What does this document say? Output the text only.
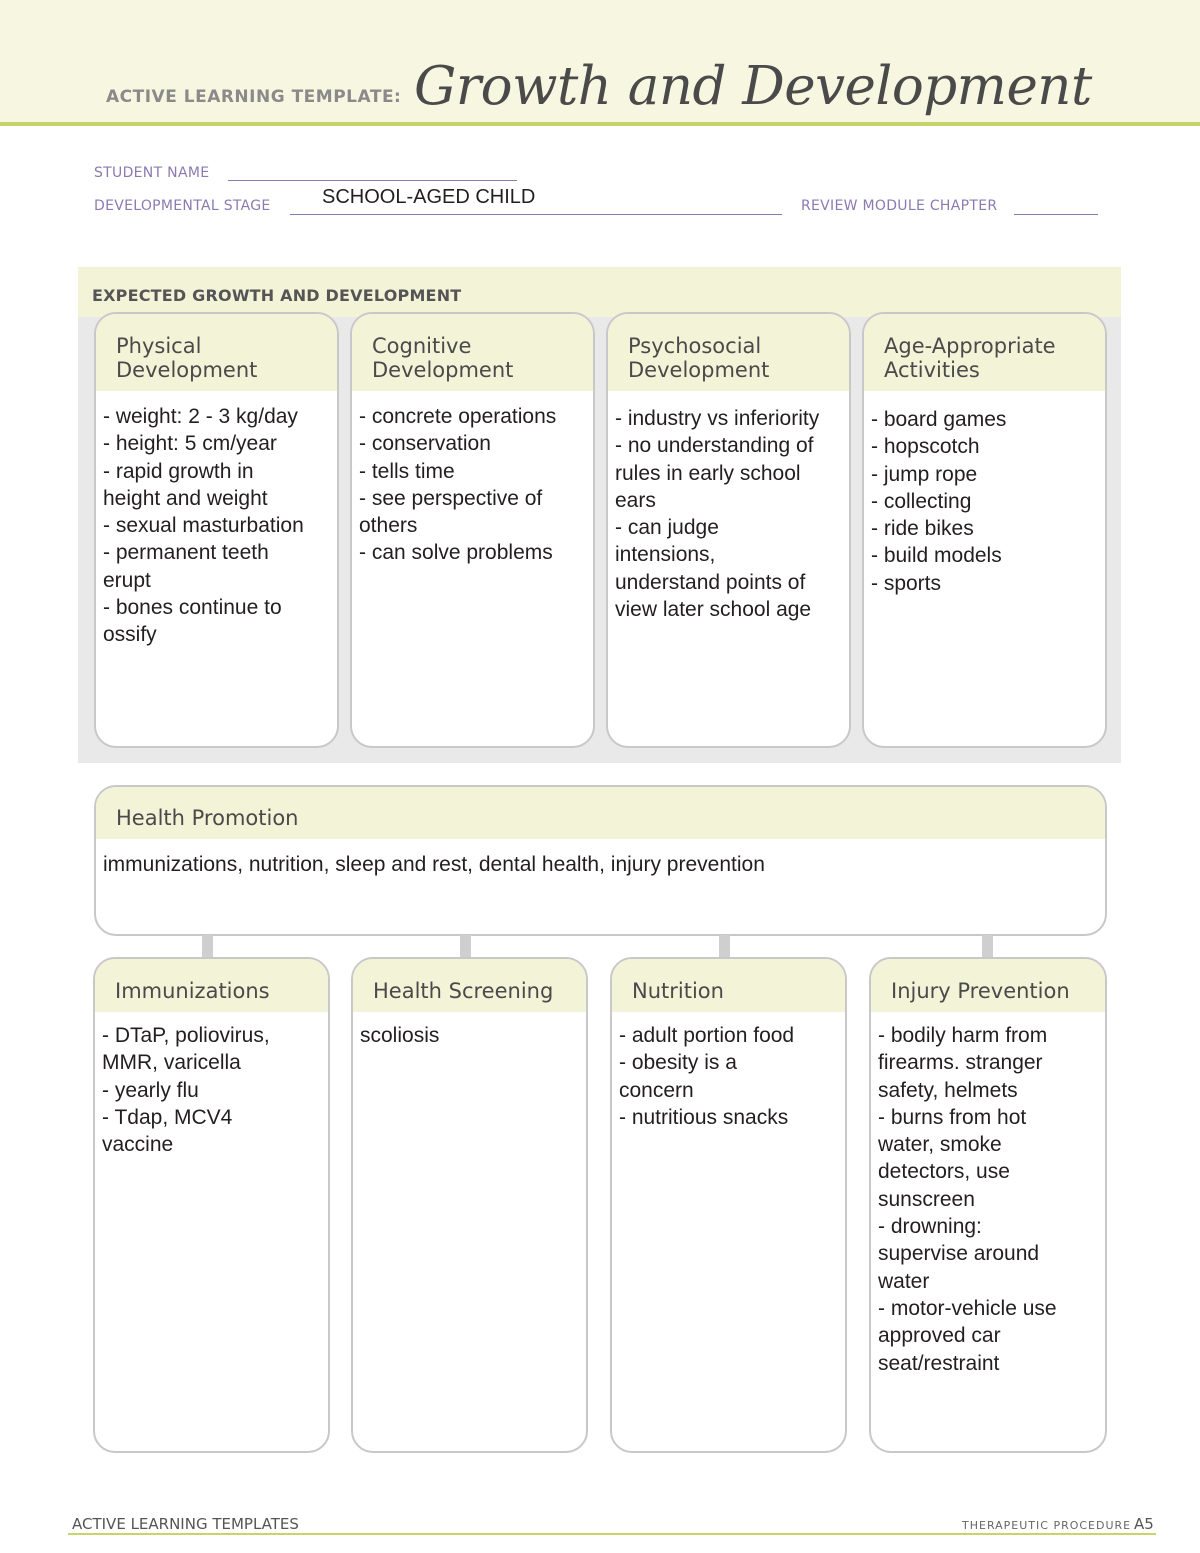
ACTIVE LEARNING TEMPLATE: Growth and Development
STUDENT NAME
DEVELOPMENTAL STAGE	SCHOOL-AGED CHILD	REVIEW MODULE CHAPTER
EXPECTED GROWTH AND DEVELOPMENT
Physical
Development
- weight: 2 - 3 kg/day
- height: 5 cm/year
- rapid growth in
height and weight
- sexual masturbation
- permanent teeth
erupt
- bones continue to
ossify
Cognitive
Development
- concrete operations
- conservation
- tells time
- see perspective of
others
- can solve problems
Psychosocial
Development
- industry vs inferiority
- no understanding of
rules in early school
ears
- can judge
intensions,
understand points of
view later school age
Age-Appropriate
Activities
- board games
- hopscotch
- jump rope
- collecting
- ride bikes
- build models
- sports
Health Promotion
immunizations, nutrition, sleep and rest, dental health, injury prevention
Immunizations
- DTaP, poliovirus,
MMR, varicella
- yearly flu
- Tdap, MCV4
vaccine
Health Screening
scoliosis
Nutrition
- adult portion food
- obesity is a
concern
- nutritious snacks
Injury Prevention
- bodily harm from
firearms. stranger
safety, helmets
- burns from hot
water, smoke
detectors, use
sunscreen
- drowning:
supervise around
water
- motor-vehicle use
approved car
seat/restraint
ACTIVE LEARNING TEMPLATES	THERAPEUTIC PROCEDURE A5
